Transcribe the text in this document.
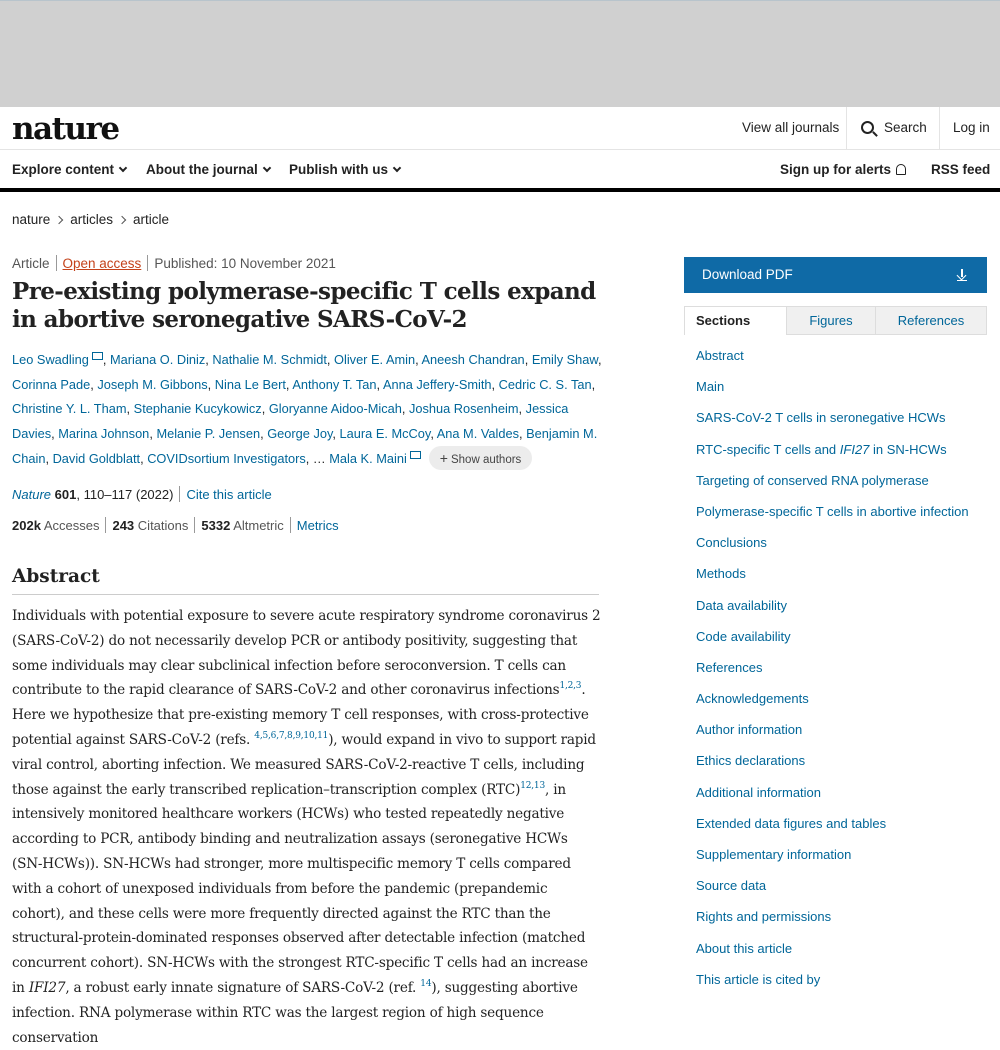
nature	View all journals	Search Log in
Explore content	About the journal	Publish with us	Sign up for alerts	RSS feed
nature articles article
Article Open access Published: 10 November 2021
Pre-existing polymerase-specific T cells expand in abortive seronegative SARS-CoV-2
Leo Swadling , Mariana O. Diniz, Nathalie M. Schmidt, Oliver E. Amin, Aneesh Chandran, Emily Shaw, Corinna Pade, Joseph M. Gibbons, Nina Le Bert, Anthony T. Tan, Anna Jeffery-Smith, Cedric C. S. Tan, Christine Y. L. Tham, Stephanie Kucykowicz, Gloryanne Aidoo-Micah, Joshua Rosenheim, Jessica Davies, Marina Johnson, Melanie P. Jensen, George Joy, Laura E. McCoy, Ana M. Valdes, Benjamin M. Chain, David Goldblatt, COVIDsortium Investigators, … Mala K. Maini + Show authors
Nature 601, 110–117 (2022) Cite this article
202k Accesses 243 Citations 5332 Altmetric Metrics
Abstract

Individuals with potential exposure to severe acute respiratory syndrome coronavirus 2 (SARS-CoV-2) do not necessarily develop PCR or antibody positivity, suggesting that some individuals may clear subclinical infection before seroconversion. T cells can contribute to the rapid clearance of SARS-CoV-2 and other coronavirus infections$^{1,2,3}$. Here we hypothesize that pre-existing memory T cell responses, with cross-protective potential against SARS-CoV-2 (refs. $^{4,5,6,7,8,9,10,11}$), would expand in vivo to support rapid viral control, aborting infection. We measured SARS-CoV-2-reactive T cells, including those against the early transcribed replication–transcription complex (RTC)$^{12,13}$, in intensively monitored healthcare workers (HCWs) who tested repeatedly negative according to PCR, antibody binding and neutralization assays (seronegative HCWs (SN-HCWs)). SN-HCWs had stronger, more multispecific memory T cells compared with a cohort of unexposed individuals from before the pandemic (prepandemic cohort), and these cells were more frequently directed against the RTC than the structural-protein-dominated responses observed after detectable infection (matched concurrent cohort). SN-HCWs with the strongest RTC-specific T cells had an increase in IFI27, a robust early innate signature of SARS-CoV-2 (ref. $^{14}$), suggesting abortive infection. RNA polymerase within RTC was the largest region of high sequence conservation

Download PDF
Sections	Figures	References
Abstract
Main
SARS-CoV-2 T cells in seronegative HCWs
RTC-specific T cells and IFI27 in SN-HCWs
Targeting of conserved RNA polymerase
Polymerase-specific T cells in abortive infection
Conclusions
Methods
Data availability
Code availability
References
Acknowledgements
Author information
Ethics declarations
Additional information
Extended data figures and tables
Supplementary information
Source data
Rights and permissions
About this article
This article is cited by
